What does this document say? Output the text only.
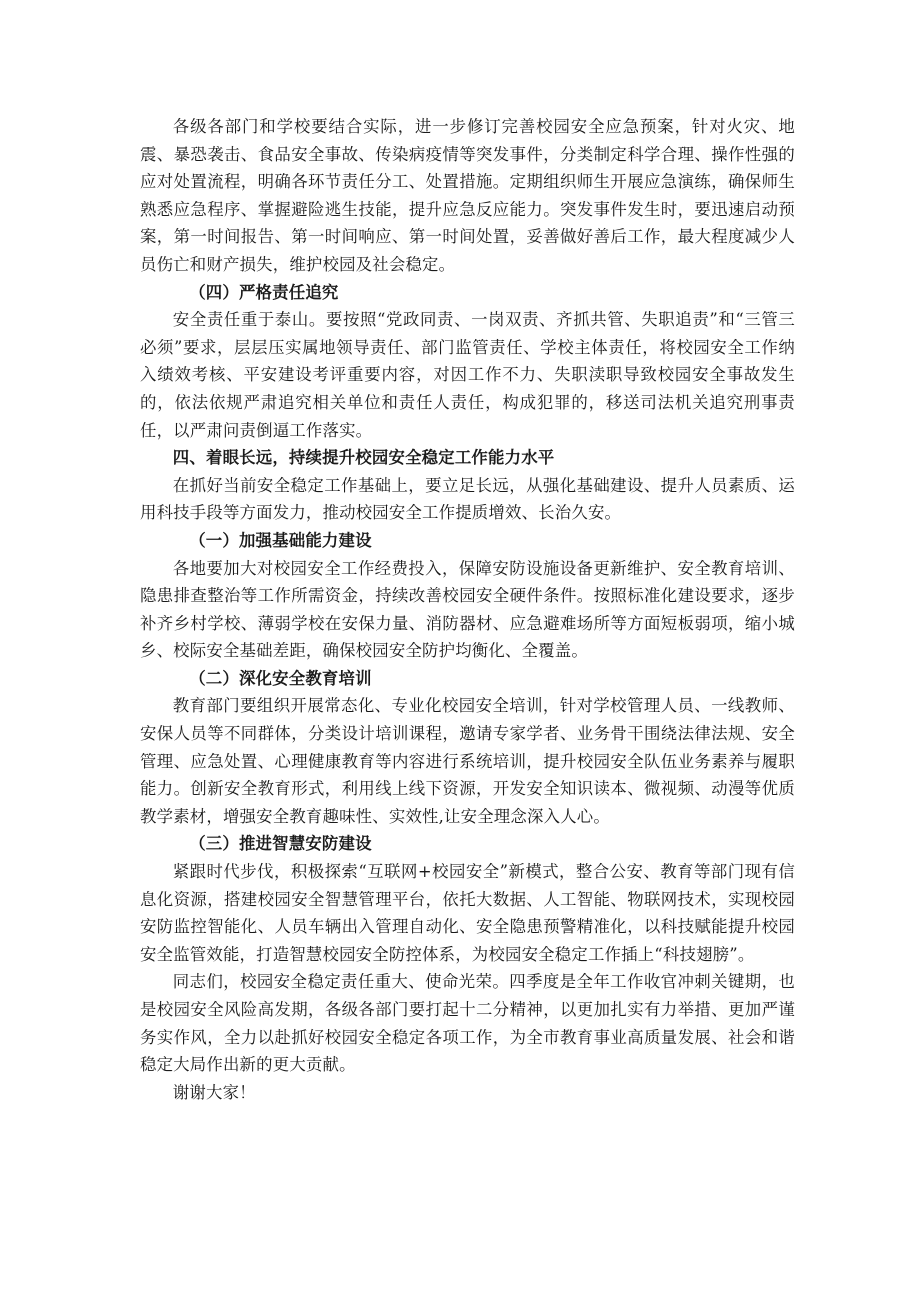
各级各部门和学校要结合实际，进一步修订完善校园安全应急预案，针对火灾、地震、暴恐袭击、食品安全事故、传染病疫情等突发事件，分类制定科学合理、操作性强的应对处置流程，明确各环节责任分工、处置措施。定期组织师生开展应急演练，确保师生熟悉应急程序、掌握避险逃生技能，提升应急反应能力。突发事件发生时，要迅速启动预案，第一时间报告、第一时间响应、第一时间处置，妥善做好善后工作，最大程度减少人员伤亡和财产损失，维护校园及社会稳定。

（四）严格责任追究

安全责任重于泰山。要按照“党政同责、一岗双责、齐抓共管、失职追责”和“三管三必须”要求，层层压实属地领导责任、部门监管责任、学校主体责任，将校园安全工作纳入绩效考核、平安建设考评重要内容，对因工作不力、失职渎职导致校园安全事故发生的，依法依规严肃追究相关单位和责任人责任，构成犯罪的，移送司法机关追究刑事责任，以严肃问责倒逼工作落实。

四、着眼长远，持续提升校园安全稳定工作能力水平

在抓好当前安全稳定工作基础上，要立足长远，从强化基础建设、提升人员素质、运用科技手段等方面发力，推动校园安全工作提质增效、长治久安。

（一）加强基础能力建设

各地要加大对校园安全工作经费投入，保障安防设施设备更新维护、安全教育培训、隐患排查整治等工作所需资金，持续改善校园安全硬件条件。按照标准化建设要求，逐步补齐乡村学校、薄弱学校在安保力量、消防器材、应急避难场所等方面短板弱项，缩小城乡、校际安全基础差距，确保校园安全防护均衡化、全覆盖。

（二）深化安全教育培训

教育部门要组织开展常态化、专业化校园安全培训，针对学校管理人员、一线教师、安保人员等不同群体，分类设计培训课程，邀请专家学者、业务骨干围绕法律法规、安全管理、应急处置、心理健康教育等内容进行系统培训，提升校园安全队伍业务素养与履职能力。创新安全教育形式，利用线上线下资源，开发安全知识读本、微视频、动漫等优质教学素材，增强安全教育趣味性、实效性,让安全理念深入人心。

（三）推进智慧安防建设

紧跟时代步伐，积极探索“互联网+校园安全”新模式，整合公安、教育等部门现有信息化资源，搭建校园安全智慧管理平台，依托大数据、人工智能、物联网技术，实现校园安防监控智能化、人员车辆出入管理自动化、安全隐患预警精准化，以科技赋能提升校园安全监管效能，打造智慧校园安全防控体系，为校园安全稳定工作插上“科技翅膀”。

同志们，校园安全稳定责任重大、使命光荣。四季度是全年工作收官冲刺关键期，也是校园安全风险高发期，各级各部门要打起十二分精神，以更加扎实有力举措、更加严谨务实作风，全力以赴抓好校园安全稳定各项工作，为全市教育事业高质量发展、社会和谐稳定大局作出新的更大贡献。

谢谢大家！
